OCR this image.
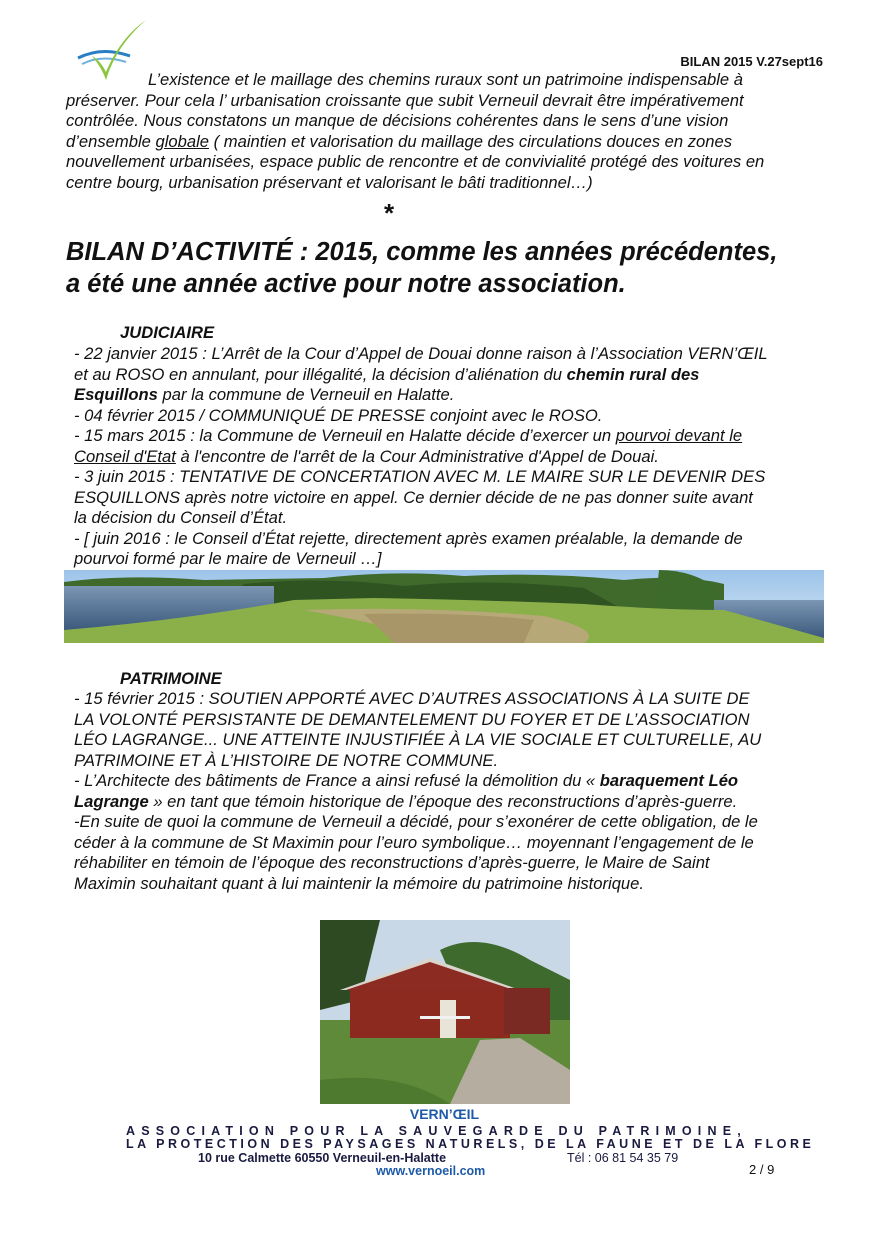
BILAN 2015 V.27sept16
L’existence et le maillage des chemins ruraux sont un patrimoine indispensable à
préserver. Pour cela l’ urbanisation croissante que subit Verneuil devrait être impérativement
contrôlée. Nous constatons un manque de décisions cohérentes dans le sens d’une vision
d’ensemble globale ( maintien et valorisation du maillage des circulations douces en zones
nouvellement urbanisées, espace public de rencontre et de convivialité protégé des voitures en
centre bourg, urbanisation préservant et valorisant le bâti traditionnel…)
*
BILAN D’ACTIVITÉ : 2015, comme les années précédentes,
a été une année active pour notre association.
JUDICIAIRE
- 22 janvier 2015 : L’Arrêt de la Cour d’Appel de Douai donne raison à l’Association VERN’ŒIL
et au ROSO en annulant, pour illégalité, la décision d’aliénation du chemin rural des
Esquillons par la commune de Verneuil en Halatte.
- 04 février 2015 / COMMUNIQUÉ DE PRESSE conjoint avec le ROSO.
- 15 mars 2015 : la Commune de Verneuil en Halatte décide d’exercer un pourvoi devant le
Conseil d'Etat à l'encontre de l'arrêt de la Cour Administrative d'Appel de Douai.
- 3 juin 2015 : TENTATIVE DE CONCERTATION AVEC M. LE MAIRE SUR LE DEVENIR DES
ESQUILLONS après notre victoire en appel. Ce dernier décide de ne pas donner suite avant
la décision du Conseil d’État.
- [ juin 2016 : le Conseil d’État rejette, directement après examen préalable, la demande de
pourvoi formé par le maire de Verneuil …]
PATRIMOINE
- 15 février 2015 : SOUTIEN APPORTÉ AVEC D’AUTRES ASSOCIATIONS À LA SUITE DE
LA VOLONTÉ PERSISTANTE DE DEMANTELEMENT DU FOYER ET DE L’ASSOCIATION
LÉO LAGRANGE... UNE ATTEINTE INJUSTIFIÉE À LA VIE SOCIALE ET CULTURELLE, AU
PATRIMOINE ET À L’HISTOIRE DE NOTRE COMMUNE.
- L’Architecte des bâtiments de France a ainsi refusé la démolition du « baraquement Léo
Lagrange » en tant que témoin historique de l’époque des reconstructions d’après-guerre.
-En suite de quoi la commune de Verneuil a décidé, pour s’exonérer de cette obligation, de le
céder à la commune de St Maximin pour l’euro symbolique… moyennant l’engagement de le
réhabiliter en témoin de l’époque des reconstructions d’après-guerre, le Maire de Saint
Maximin souhaitant quant à lui maintenir la mémoire du patrimoine historique.
VERN’ŒIL
ASSOCIATION POUR LA SAUVEGARDE DU PATRIMOINE,
LA PROTECTION DES PAYSAGES NATURELS, DE LA FAUNE ET DE LA FLORE
10 rue Calmette 60550 Verneuil-en-Halatte	Tél : 06 81 54 35 79
www.vernoeil.com	2 / 9
